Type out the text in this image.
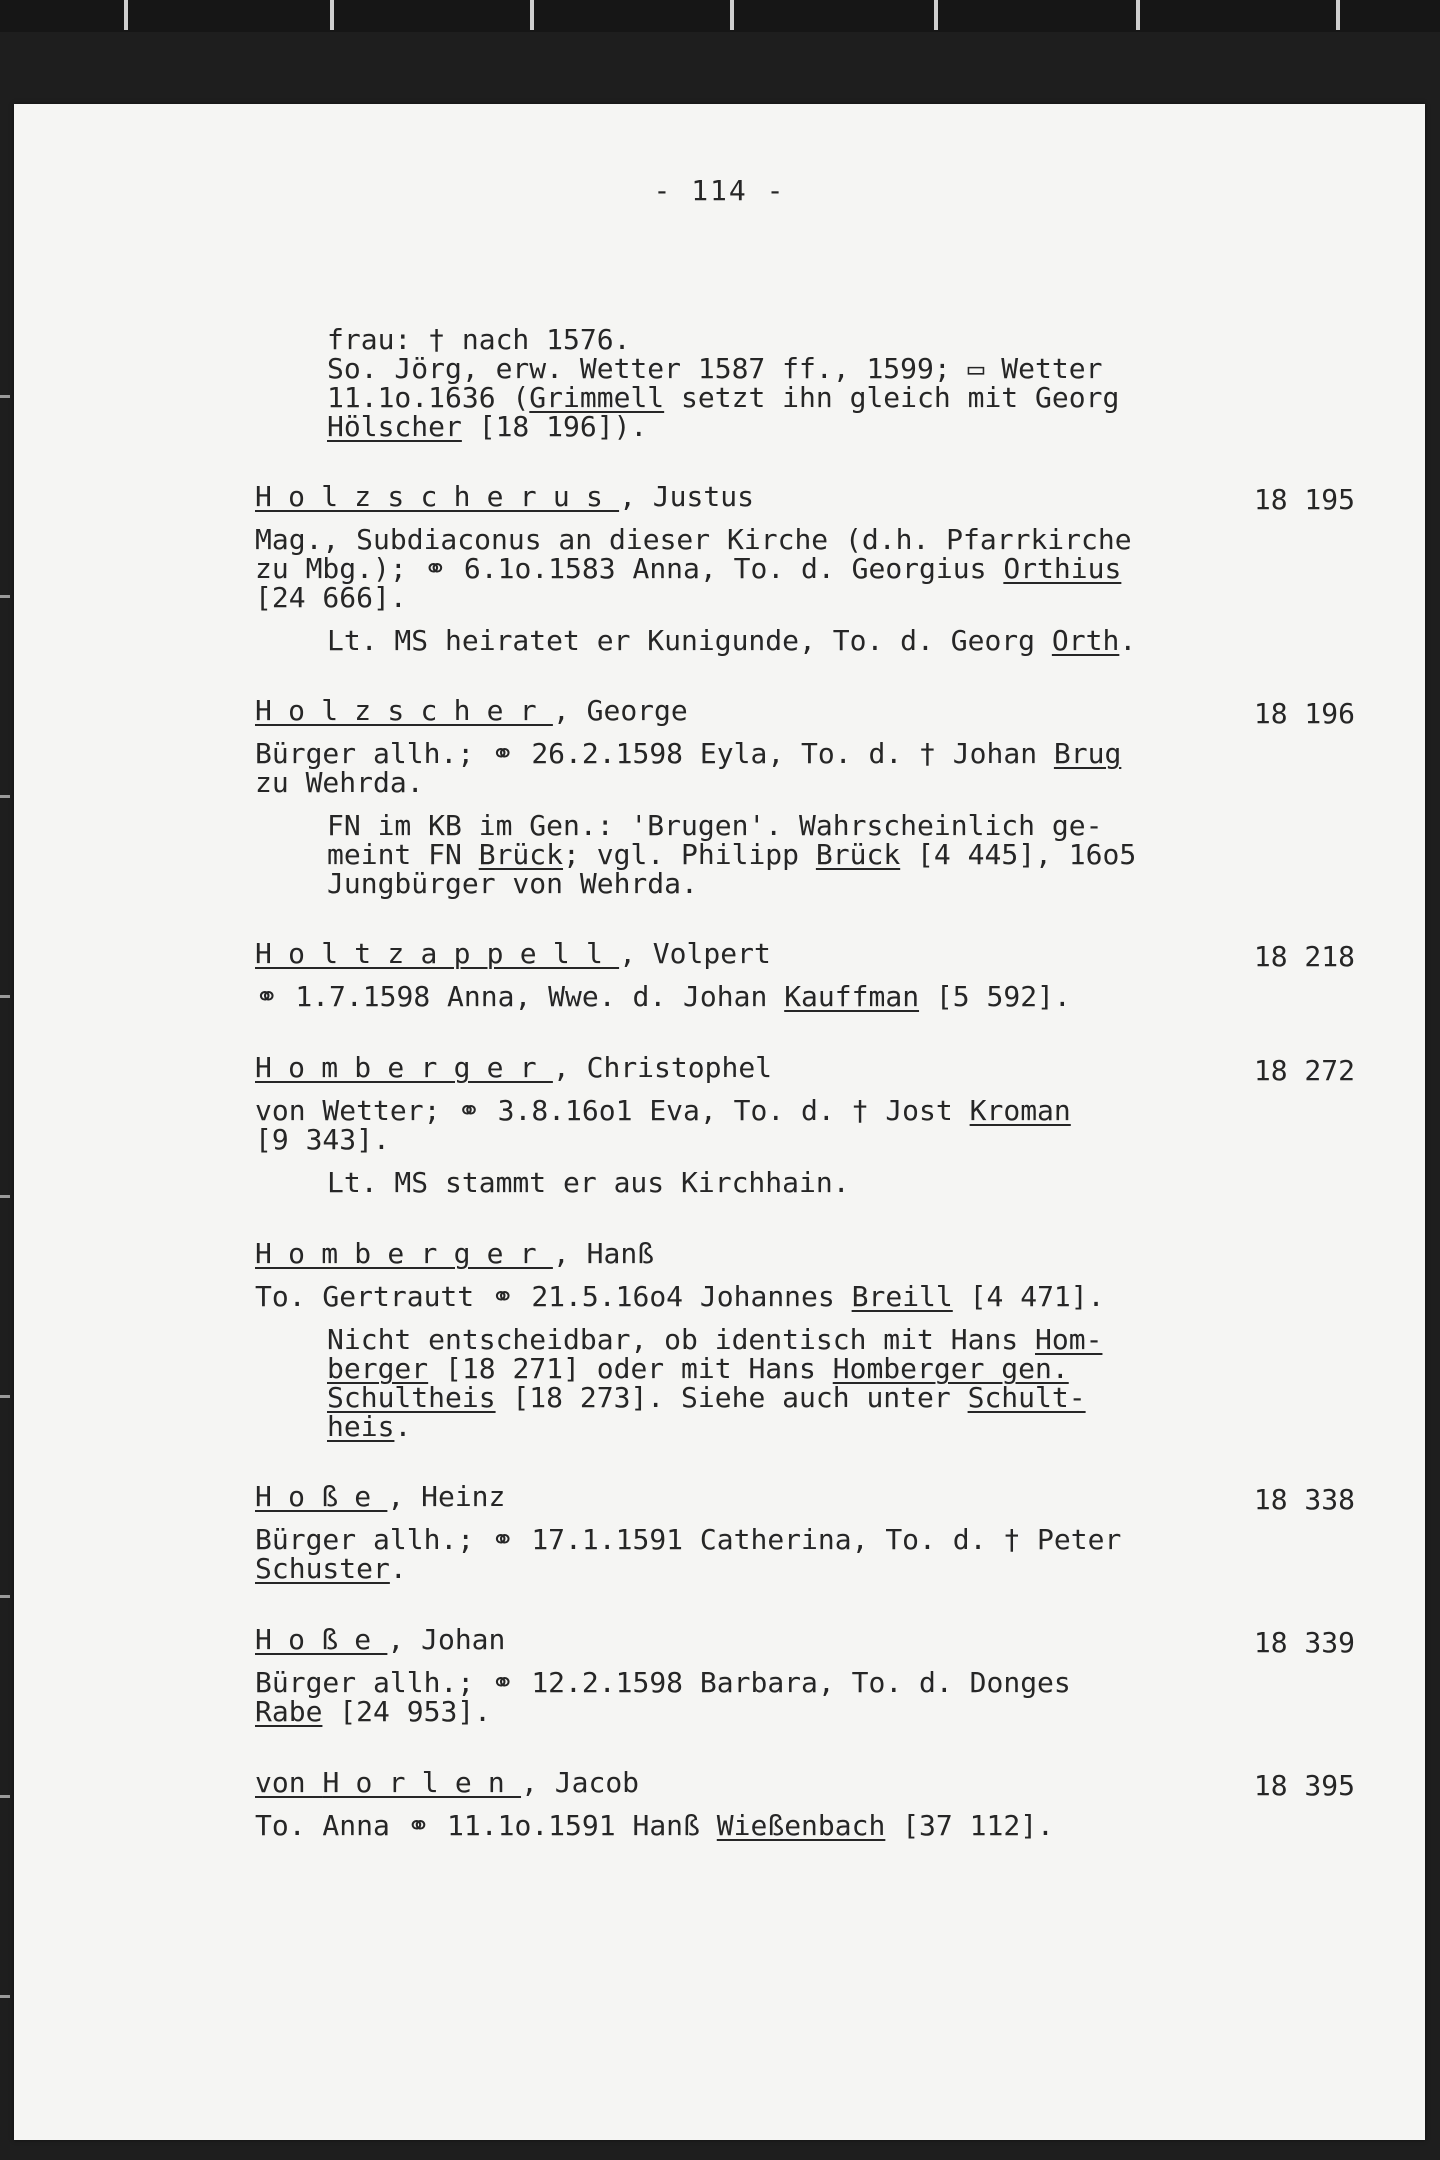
- 114 -
frau: † nach 1576.
So. Jörg, erw. Wetter 1587 ff., 1599; ▭ Wetter
11.1o.1636 (Grimmell setzt ihn gleich mit Georg
Hölscher [18 196]).
Holzscherus, Justus	18 195
Mag., Subdiaconus an dieser Kirche (d.h. Pfarrkirche
zu Mbg.); ⚭ 6.1o.1583 Anna, To. d. Georgius Orthius
[24 666].
Lt. MS heiratet er Kunigunde, To. d. Georg Orth.
Holzscher, George	18 196
Bürger allh.; ⚭ 26.2.1598 Eyla, To. d. † Johan Brug
zu Wehrda.
FN im KB im Gen.: 'Brugen'. Wahrscheinlich ge-
meint FN Brück; vgl. Philipp Brück [4 445], 16o5
Jungbürger von Wehrda.
Holtzappell, Volpert	18 218
⚭ 1.7.1598 Anna, Wwe. d. Johan Kauffman [5 592].
Homberger, Christophel	18 272
von Wetter; ⚭ 3.8.16o1 Eva, To. d. † Jost Kroman
[9 343].
Lt. MS stammt er aus Kirchhain.
Homberger, Hanß
To. Gertrautt ⚭ 21.5.16o4 Johannes Breill [4 471].
Nicht entscheidbar, ob identisch mit Hans Hom-
berger [18 271] oder mit Hans Homberger gen.
Schultheis [18 273]. Siehe auch unter Schult-
heis.
Hoße, Heinz	18 338
Bürger allh.; ⚭ 17.1.1591 Catherina, To. d. † Peter
Schuster.
Hoße, Johan	18 339
Bürger allh.; ⚭ 12.2.1598 Barbara, To. d. Donges
Rabe [24 953].
von Horlen, Jacob	18 395
To. Anna ⚭ 11.1o.1591 Hanß Wießenbach [37 112].
